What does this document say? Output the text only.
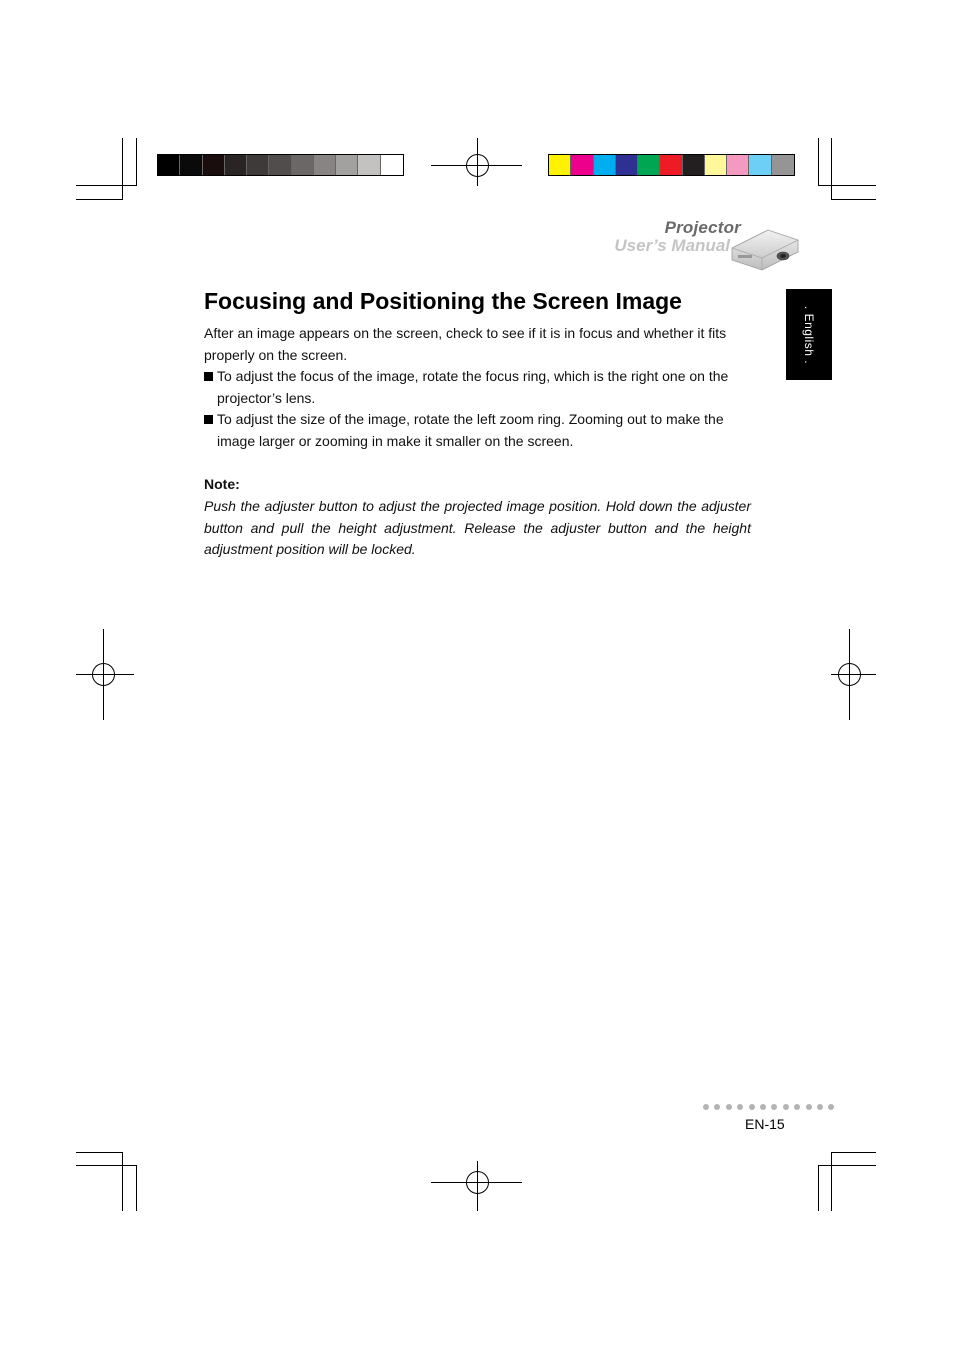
Projector
User’s Manual
. English .
Focusing and Positioning the Screen Image

After an image appears on the screen, check to see if it is in focus and whether it fits properly on the screen.

To adjust the focus of the image, rotate the focus ring, which is the right one on the projector’s lens.
To adjust the size of the image, rotate the left zoom ring. Zooming out to make the image larger or zooming in make it smaller on the screen.
Note:

Push the adjuster button to adjust the projected image position. Hold down the adjuster button and pull the height adjustment. Release the adjuster button and the height adjustment position will be locked.

EN-15
